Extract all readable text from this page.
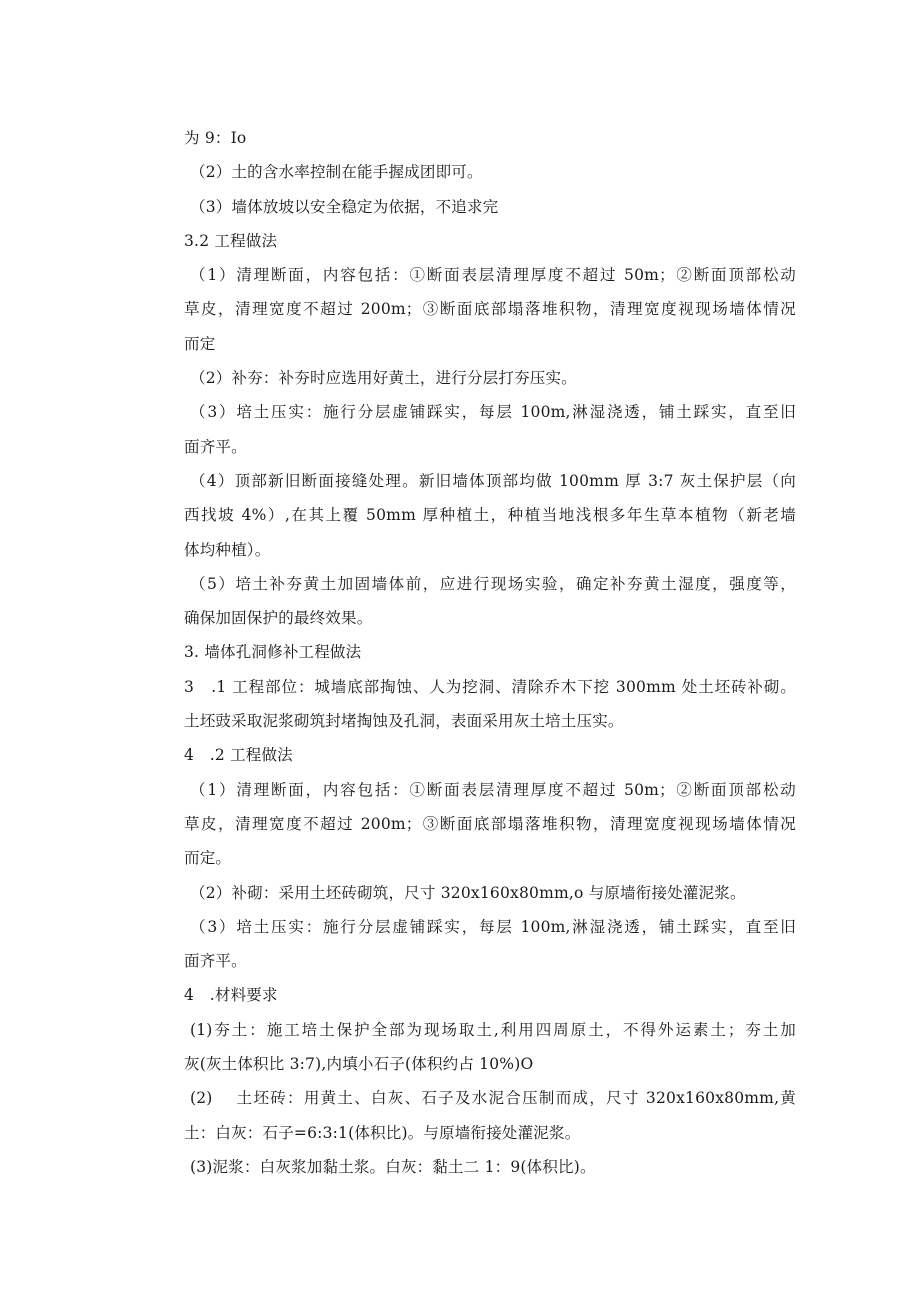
为 9：Io
（2）土的含水率控制在能手握成团即可。
（3）墙体放坡以安全稳定为依据，不追求完
3.2 工程做法
（1）清理断面，内容包括：①断面表层清理厚度不超过 50m；②断面顶部松动
草皮，清理宽度不超过 200m；③断面底部塌落堆积物，清理宽度视现场墙体情况
而定
（2）补夯：补夯时应选用好黄土，进行分层打夯压实。
（3）培土压实：施行分层虚铺踩实，每层 100m,淋湿浇透，铺土踩实，直至旧
面齐平。
（4）顶部新旧断面接缝处理。新旧墙体顶部均做 100mm 厚 3:7 灰土保护层（向
西找坡 4%）,在其上覆 50mm 厚种植土，种植当地浅根多年生草本植物（新老墙
体均种植）。
（5）培土补夯黄土加固墙体前，应进行现场实验，确定补夯黄土湿度，强度等，
确保加固保护的最终效果。
3. 墙体孔洞修补工程做法
3　.1 工程部位：城墙底部掏蚀、人为挖洞、清除乔木下挖 300mm 处土坯砖补砌。
土坯豉采取泥浆砌筑封堵掏蚀及孔洞，表面采用灰土培土压实。
4　.2 工程做法
（1）清理断面，内容包括：①断面表层清理厚度不超过 50m；②断面顶部松动
草皮，清理宽度不超过 200m；③断面底部塌落堆积物，清理宽度视现场墙体情况
而定。
（2）补砌：采用土坯砖砌筑，尺寸 320x160x80mm,o 与原墙衔接处灌泥浆。
（3）培土压实：施行分层虚铺踩实，每层 100m,淋湿浇透，铺土踩实，直至旧
面齐平。
4　.材料要求
(1)夯土：施工培土保护全部为现场取土,利用四周原土，不得外运素土；夯土加
灰(灰土体积比 3:7),内填小石子(体积约占 10%)O
(2)　 土坯砖：用黄土、白灰、石子及水泥合压制而成，尺寸 320x160x80mm,黄
土：白灰：石子=6:3:1(体积比)。与原墙衔接处灌泥浆。
(3)泥浆：白灰浆加黏土浆。白灰：黏土二 1：9(体积比)。
